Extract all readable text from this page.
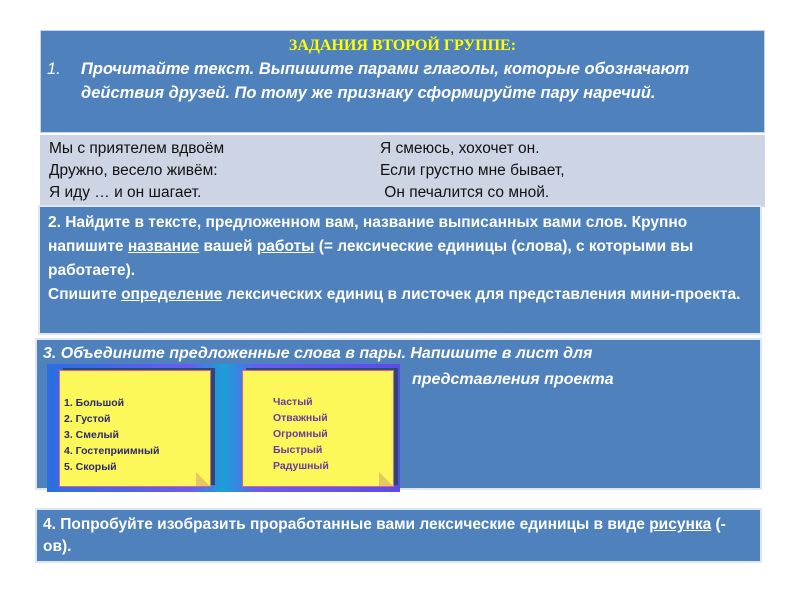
ЗАДАНИЯ ВТОРОЙ ГРУППЕ:
1. Прочитайте текст. Выпишите парами глаголы, которые обозначают действия друзей. По тому же признаку сформируйте пару наречий.
Мы с приятелем вдвоём
Дружно, весело живём:
Я иду … и он шагает.
Я смеюсь, хохочет он.
Если грустно мне бывает,
Он печалится со мной.
2. Найдите в тексте, предложенном вам, название выписанных вами слов. Крупно напишите название вашей работы (= лексические единицы (слова), с которыми вы работаете).
Спишите определение лексических единиц в листочек для представления мини-проекта.
3. Объедините предложенные слова в пары. Напишите в лист для
представления проекта
1. Большой
2. Густой
3. Смелый
4. Гостеприимный
5. Скорый
Частый
Отважный
Огромный
Быстрый
Радушный
4. Попробуйте изобразить проработанные вами лексические единицы в виде рисунка (-ов).
